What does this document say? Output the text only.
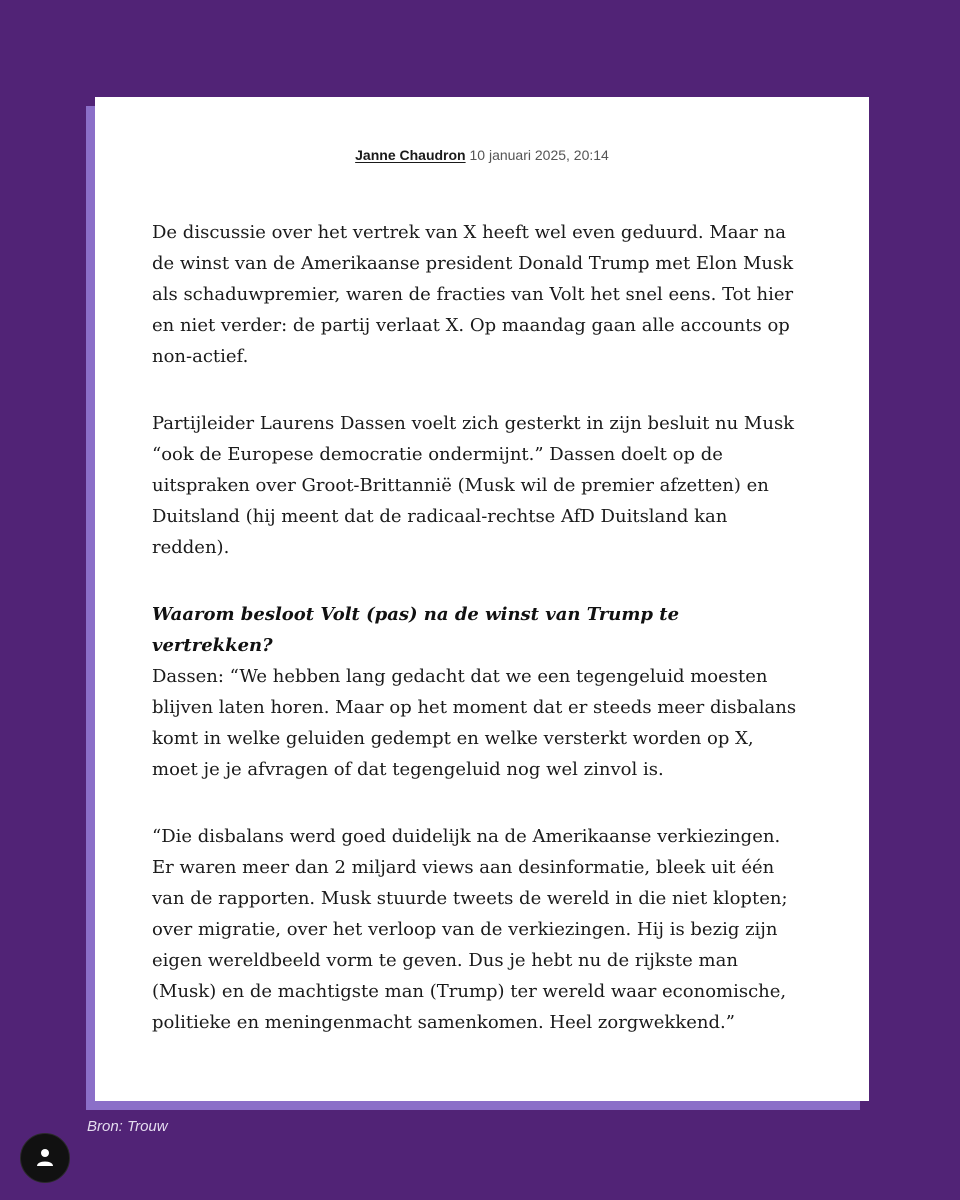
Janne Chaudron 10 januari 2025, 20:14

De discussie over het vertrek van X heeft wel even geduurd. Maar na de winst van de Amerikaanse president Donald Trump met Elon Musk als schaduwpremier, waren de fracties van Volt het snel eens. Tot hier en niet verder: de partij verlaat X. Op maandag gaan alle accounts op non-actief.

Partijleider Laurens Dassen voelt zich gesterkt in zijn besluit nu Musk “ook de Europese democratie ondermijnt.” Dassen doelt op de uitspraken over Groot-Brittannië (Musk wil de premier afzetten) en Duitsland (hij meent dat de radicaal-rechtse AfD Duitsland kan redden).

Waarom besloot Volt (pas) na de winst van Trump te vertrekken?

Dassen: “We hebben lang gedacht dat we een tegengeluid moesten blijven laten horen. Maar op het moment dat er steeds meer disbalans komt in welke geluiden gedempt en welke versterkt worden op X, moet je je afvragen of dat tegengeluid nog wel zinvol is.

“Die disbalans werd goed duidelijk na de Amerikaanse verkiezingen. Er waren meer dan 2 miljard views aan desinformatie, bleek uit één van de rapporten. Musk stuurde tweets de wereld in die niet klopten; over migratie, over het verloop van de verkiezingen. Hij is bezig zijn eigen wereldbeeld vorm te geven. Dus je hebt nu de rijkste man (Musk) en de machtigste man (Trump) ter wereld waar economische, politieke en meningenmacht samenkomen. Heel zorgwekkend.”

Bron: Trouw
